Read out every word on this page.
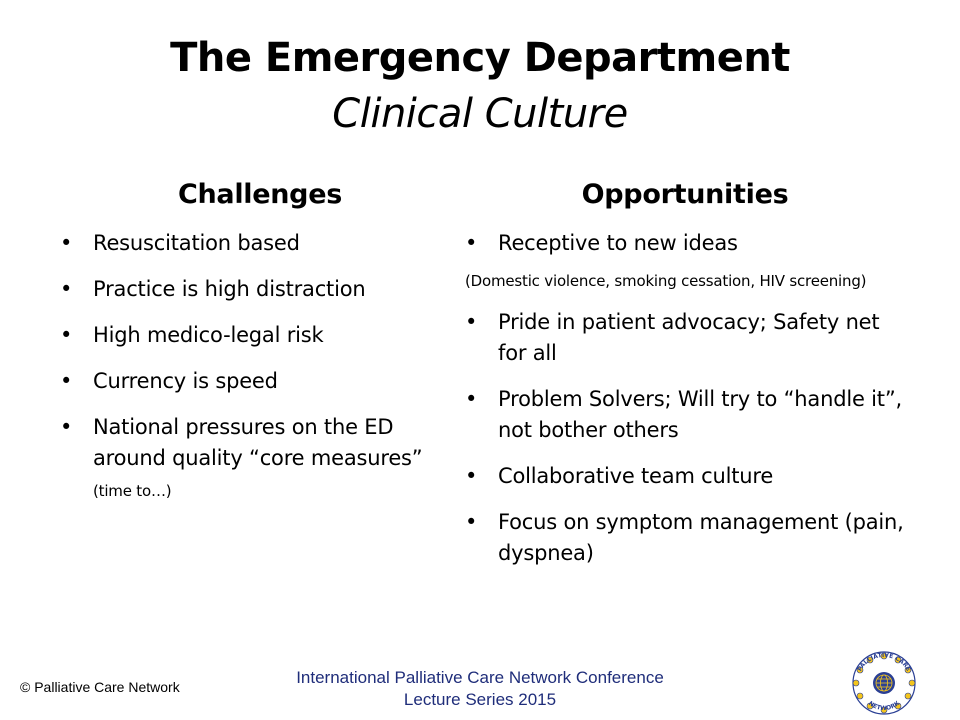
The Emergency Department
Clinical Culture
Challenges
• Resuscitation based
• Practice is high distraction
• High medico-legal risk
• Currency is speed
• National pressures on the ED around quality “core measures” (time to…)
Opportunities
• Receptive to new ideas
(Domestic violence, smoking cessation, HIV screening)
• Pride in patient advocacy; Safety net for all
• Problem Solvers; Will try to “handle it”, not bother others
• Collaborative team culture
• Focus on symptom management (pain, dyspnea)
© Palliative Care Network	International Palliative Care Network Conference
Lecture Series 2015
PALLIATIVE CARE
NETWORK
